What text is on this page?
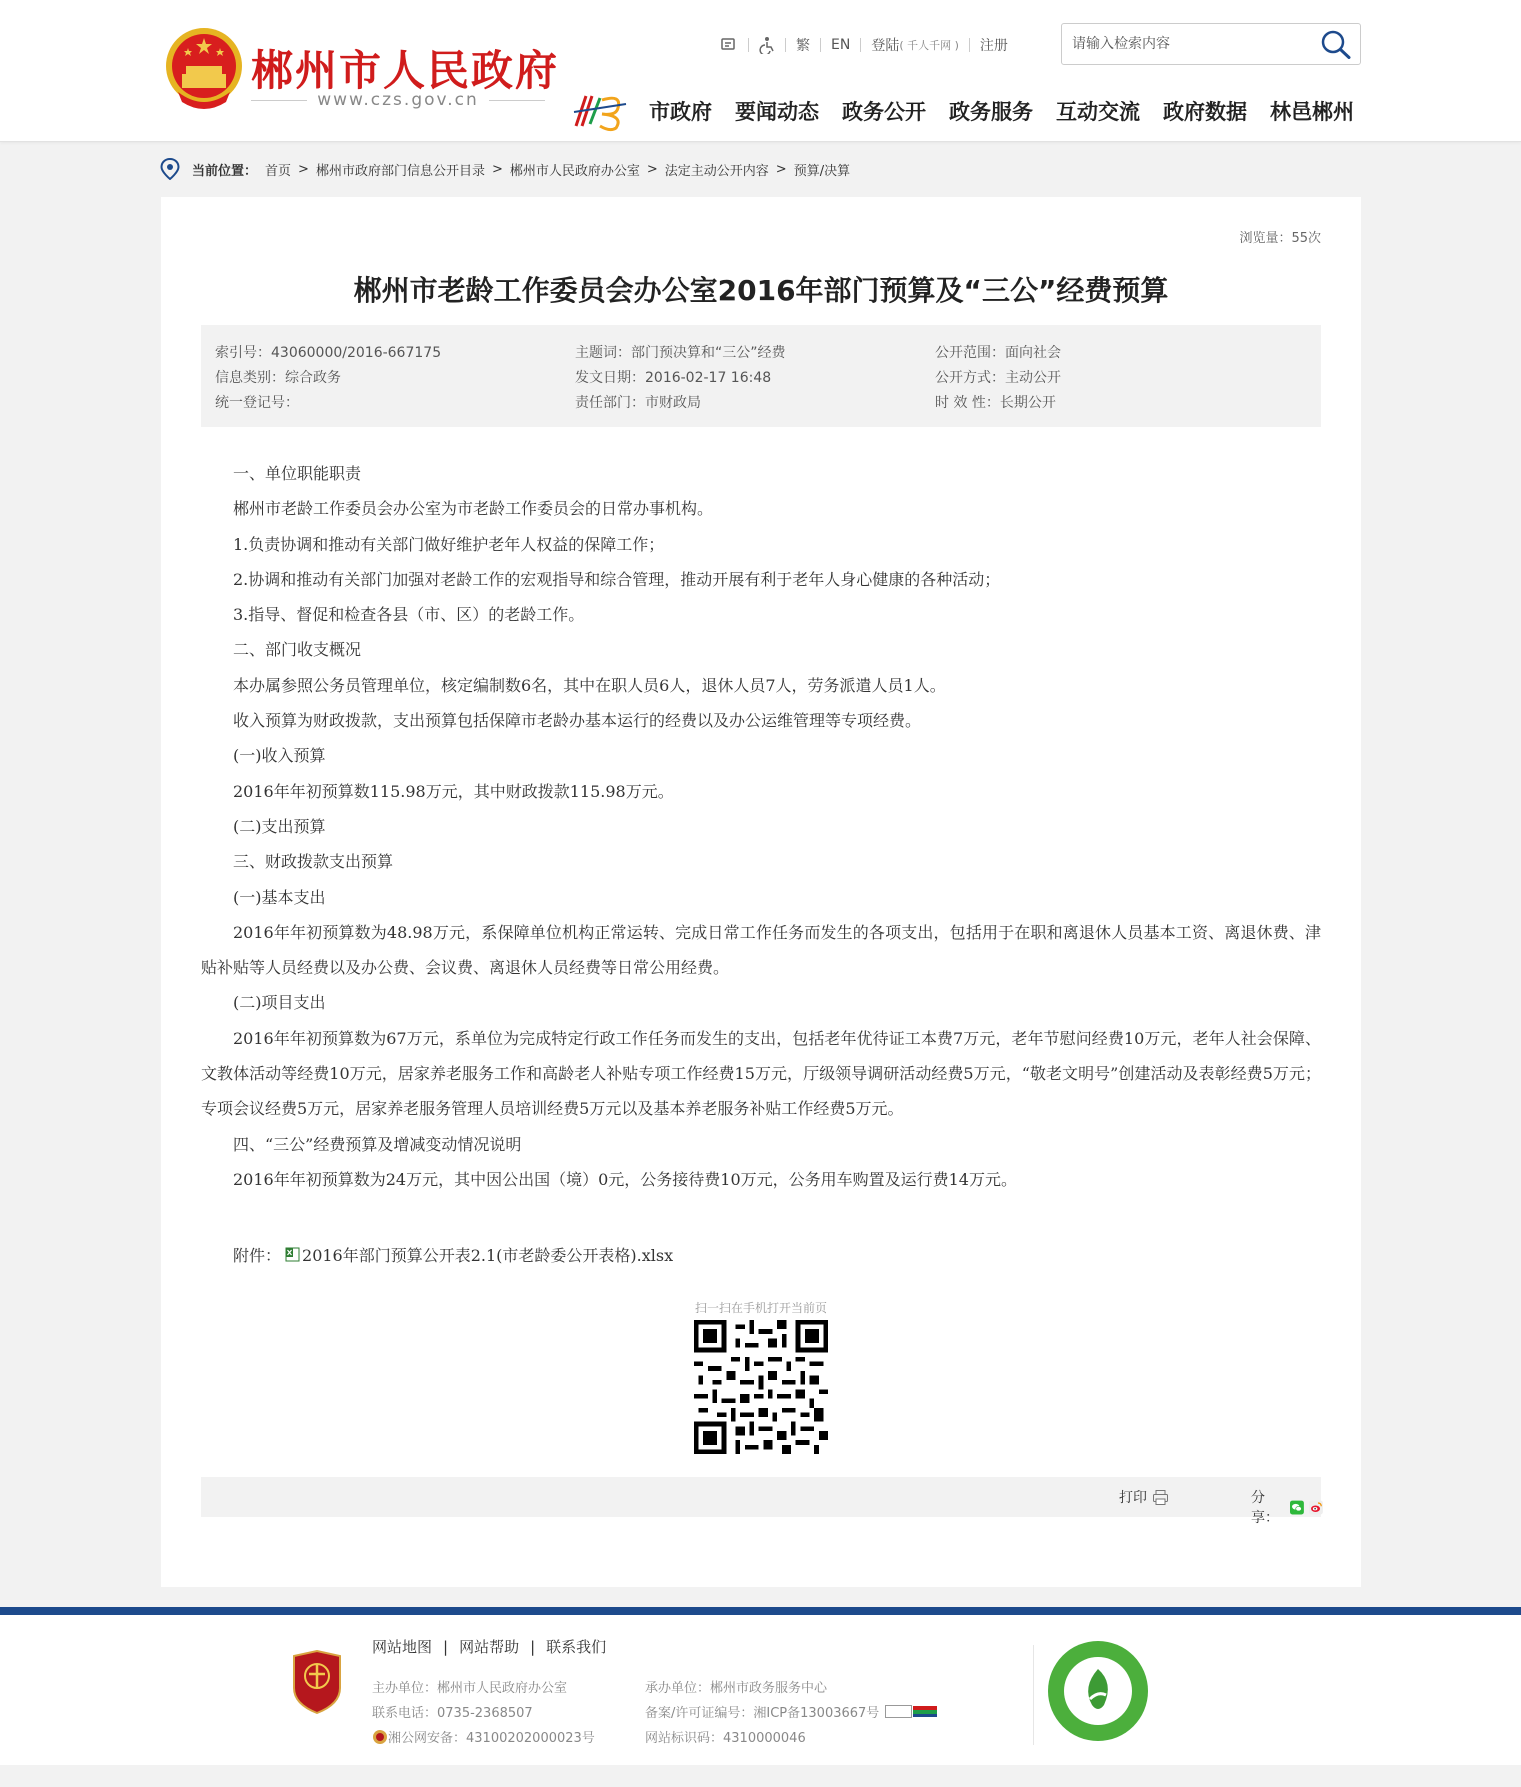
郴州市人民政府
www.czs.gov.cn
繁 EN 登陆 ( 千人千网 ) 注册
请输入检索内容
市政府 要闻动态 政务公开 政务服务 互动交流 政府数据 林邑郴州
当前位置： 首页 > 郴州市政府部门信息公开目录 > 郴州市人民政府办公室 > 法定主动公开内容 > 预算/决算
浏览量：55次
郴州市老龄工作委员会办公室2016年部门预算及“三公”经费预算
索引号：43060000/2016-667175
信息类别：综合政务
统一登记号：
主题词：部门预决算和“三公”经费
发文日期：2016-02-17 16:48
责任部门：市财政局
公开范围：面向社会
公开方式：主动公开
时 效 性：长期公开

一、单位职能职责

郴州市老龄工作委员会办公室为市老龄工作委员会的日常办事机构。

1.负责协调和推动有关部门做好维护老年人权益的保障工作；

2.协调和推动有关部门加强对老龄工作的宏观指导和综合管理，推动开展有利于老年人身心健康的各种活动；

3.指导、督促和检查各县（市、区）的老龄工作。

二、部门收支概况

本办属参照公务员管理单位，核定编制数6名，其中在职人员6人，退休人员7人，劳务派遣人员1人。

收入预算为财政拨款，支出预算包括保障市老龄办基本运行的经费以及办公运维管理等专项经费。

(一)收入预算

2016年年初预算数115.98万元，其中财政拨款115.98万元。

(二)支出预算

三、财政拨款支出预算

(一)基本支出

2016年年初预算数为48.98万元，系保障单位机构正常运转、完成日常工作任务而发生的各项支出，包括用于在职和离退休人员基本工资、离退休费、津贴补贴等人员经费以及办公费、会议费、离退休人员经费等日常公用经费。

(二)项目支出

2016年年初预算数为67万元，系单位为完成特定行政工作任务而发生的支出，包括老年优待证工本费7万元，老年节慰问经费10万元，老年人社会保障、文教体活动等经费10万元，居家养老服务工作和高龄老人补贴专项工作经费15万元，厅级领导调研活动经费5万元，“敬老文明号”创建活动及表彰经费5万元；专项会议经费5万元，居家养老服务管理人员培训经费5万元以及基本养老服务补贴工作经费5万元。

四、“三公”经费预算及增减变动情况说明

2016年年初预算数为24万元，其中因公出国（境）0元，公务接待费10万元，公务用车购置及运行费14万元。

附件： 2016年部门预算公开表2.1(市老龄委公开表格).xlsx
扫一扫在手机打开当前页
打印	分享：
网站地图 | 网站帮助 | 联系我们
主办单位：郴州市人民政府办公室
联系电话：0735-2368507
湘公网安备：43100202000023号
承办单位：郴州市政务服务中心
备案/许可证编号：湘ICP备13003667号
网站标识码：4310000046
